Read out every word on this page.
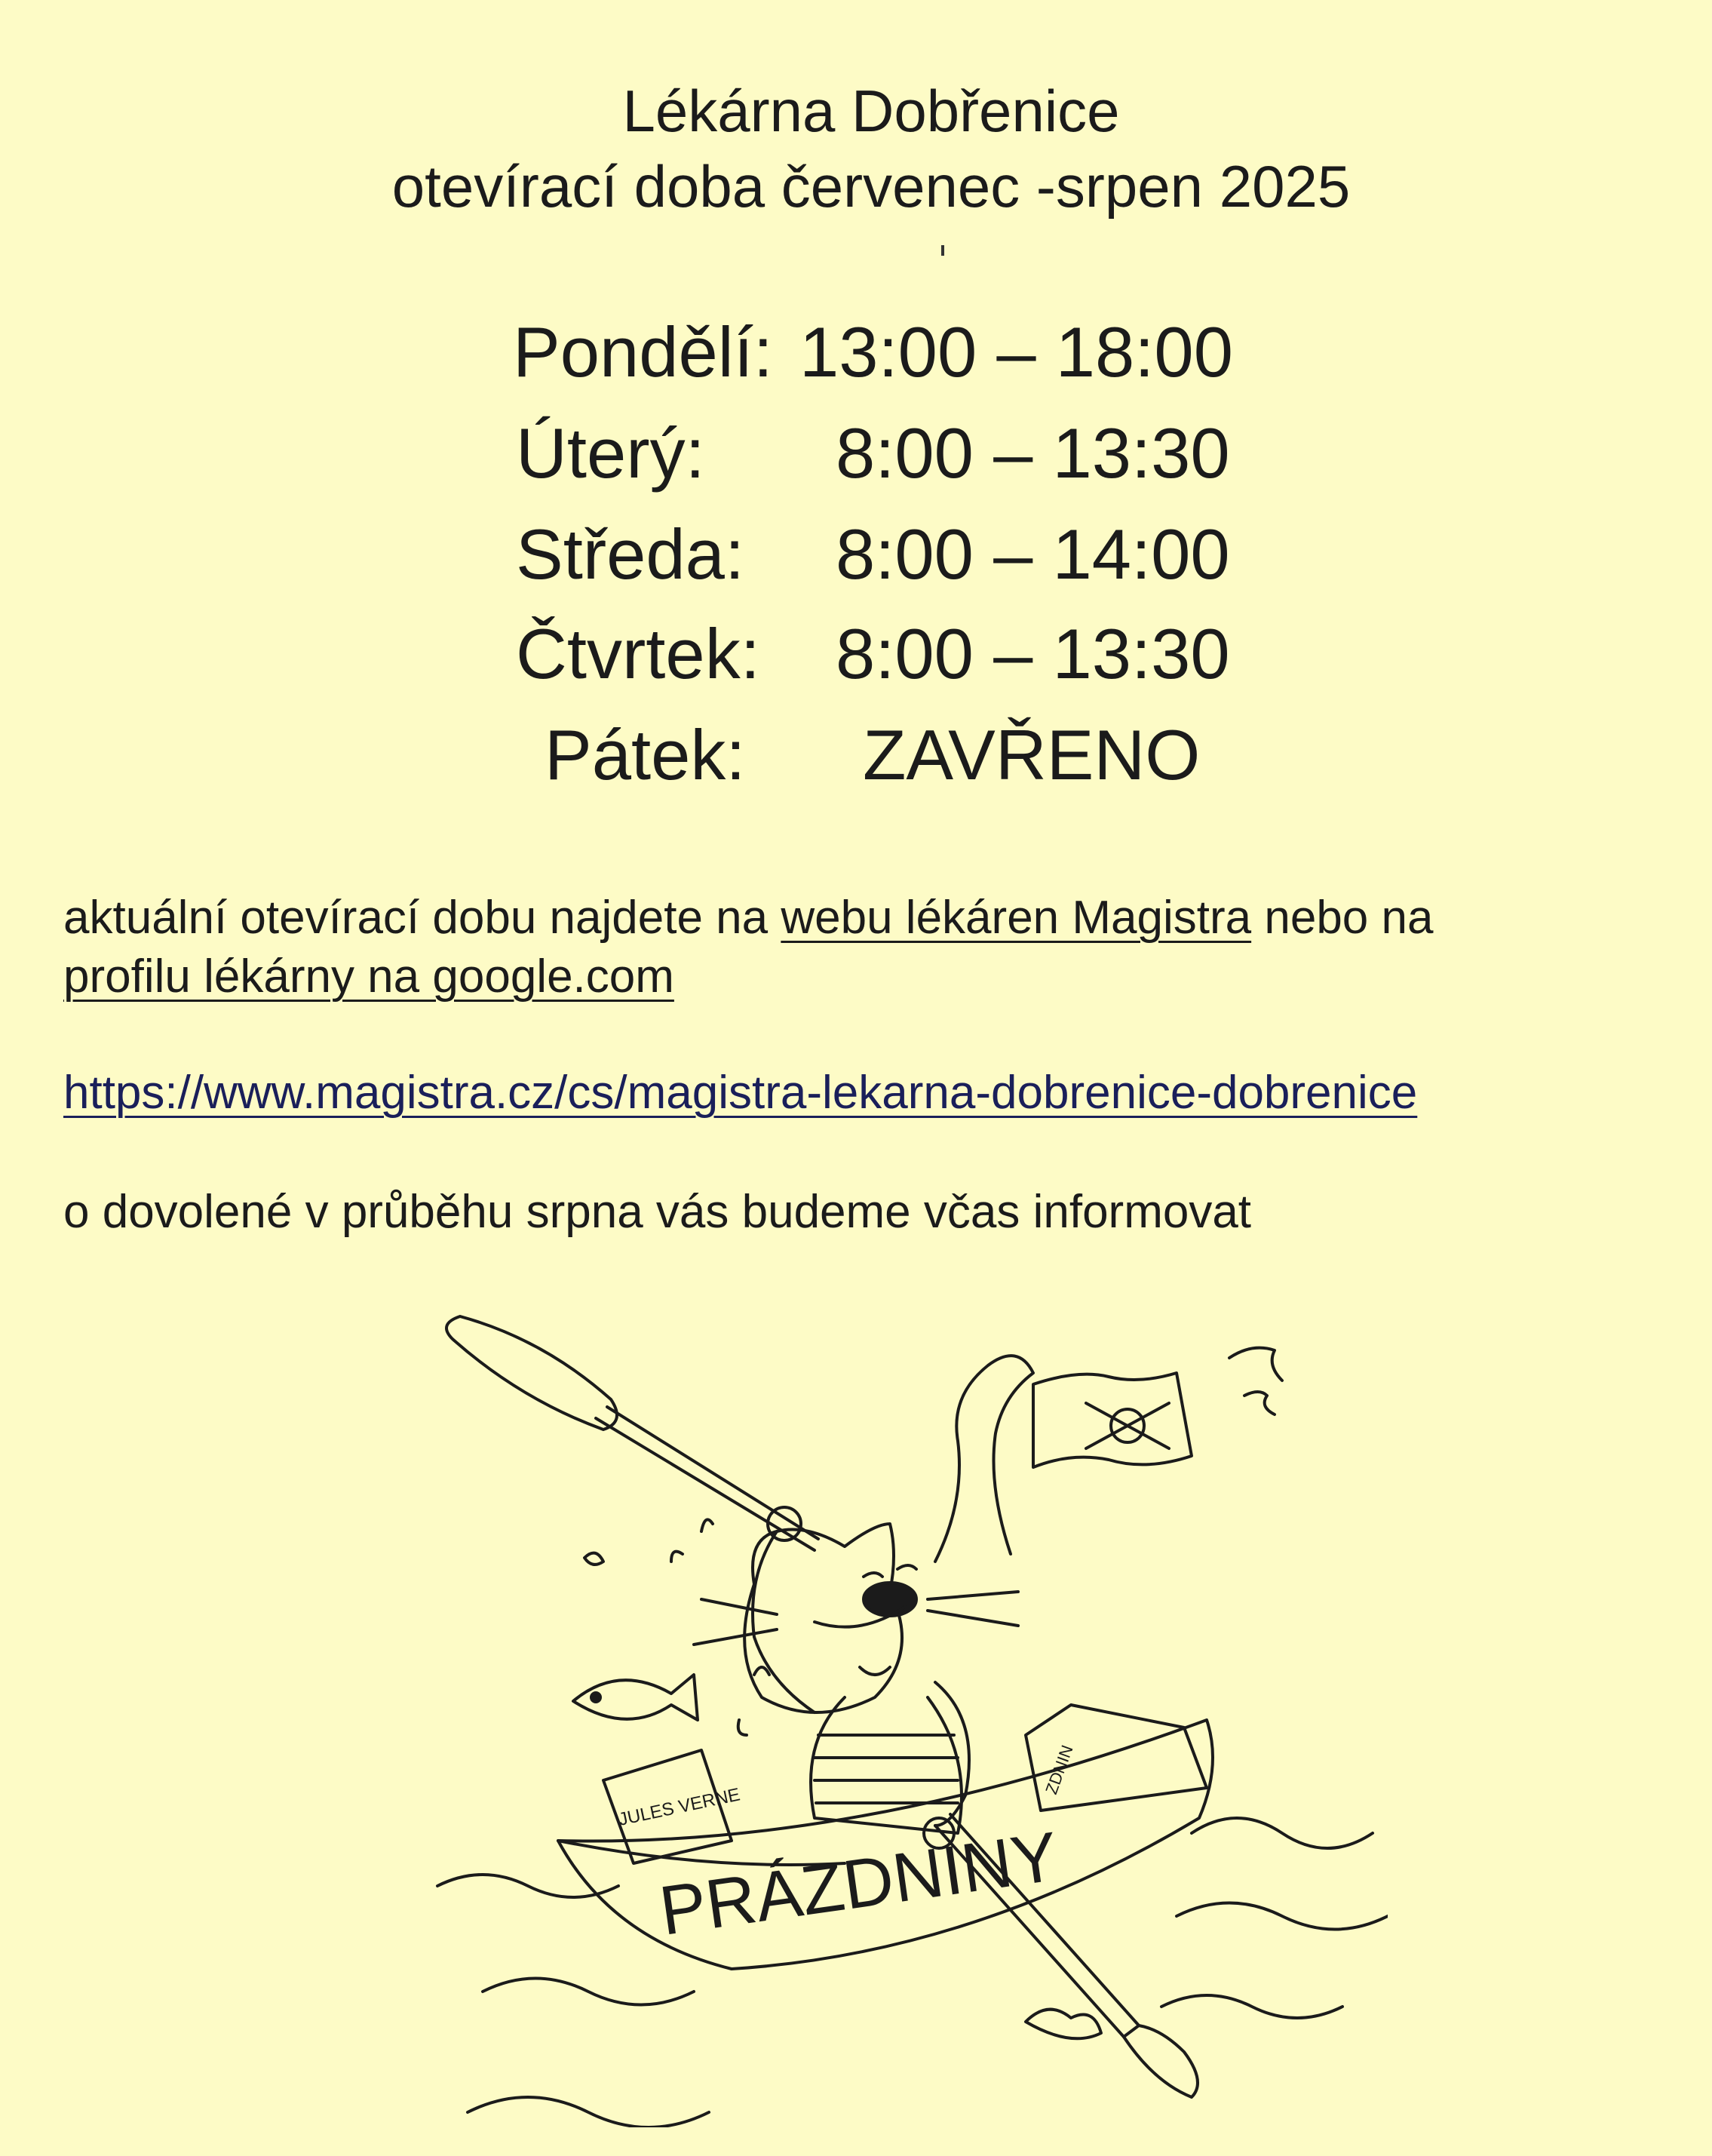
Lékárna Dobřenice
otevírací doba červenec -srpen 2025
Pondělí: 13:00 – 18:00
Úterý: 8:00 – 13:30
Středa: 8:00 – 14:00
Čtvrtek: 8:00 – 13:30
Pátek: ZAVŘENO
aktuální otevírací dobu najdete na webu lékáren Magistra nebo na
profilu lékárny na google.com
https://www.magistra.cz/cs/magistra-lekarna-dobrenice-dobrenice
o dovolené v průběhu srpna vás budeme včas informovat
PRÁZDNINY
JULES VERNE
ZDNIN
